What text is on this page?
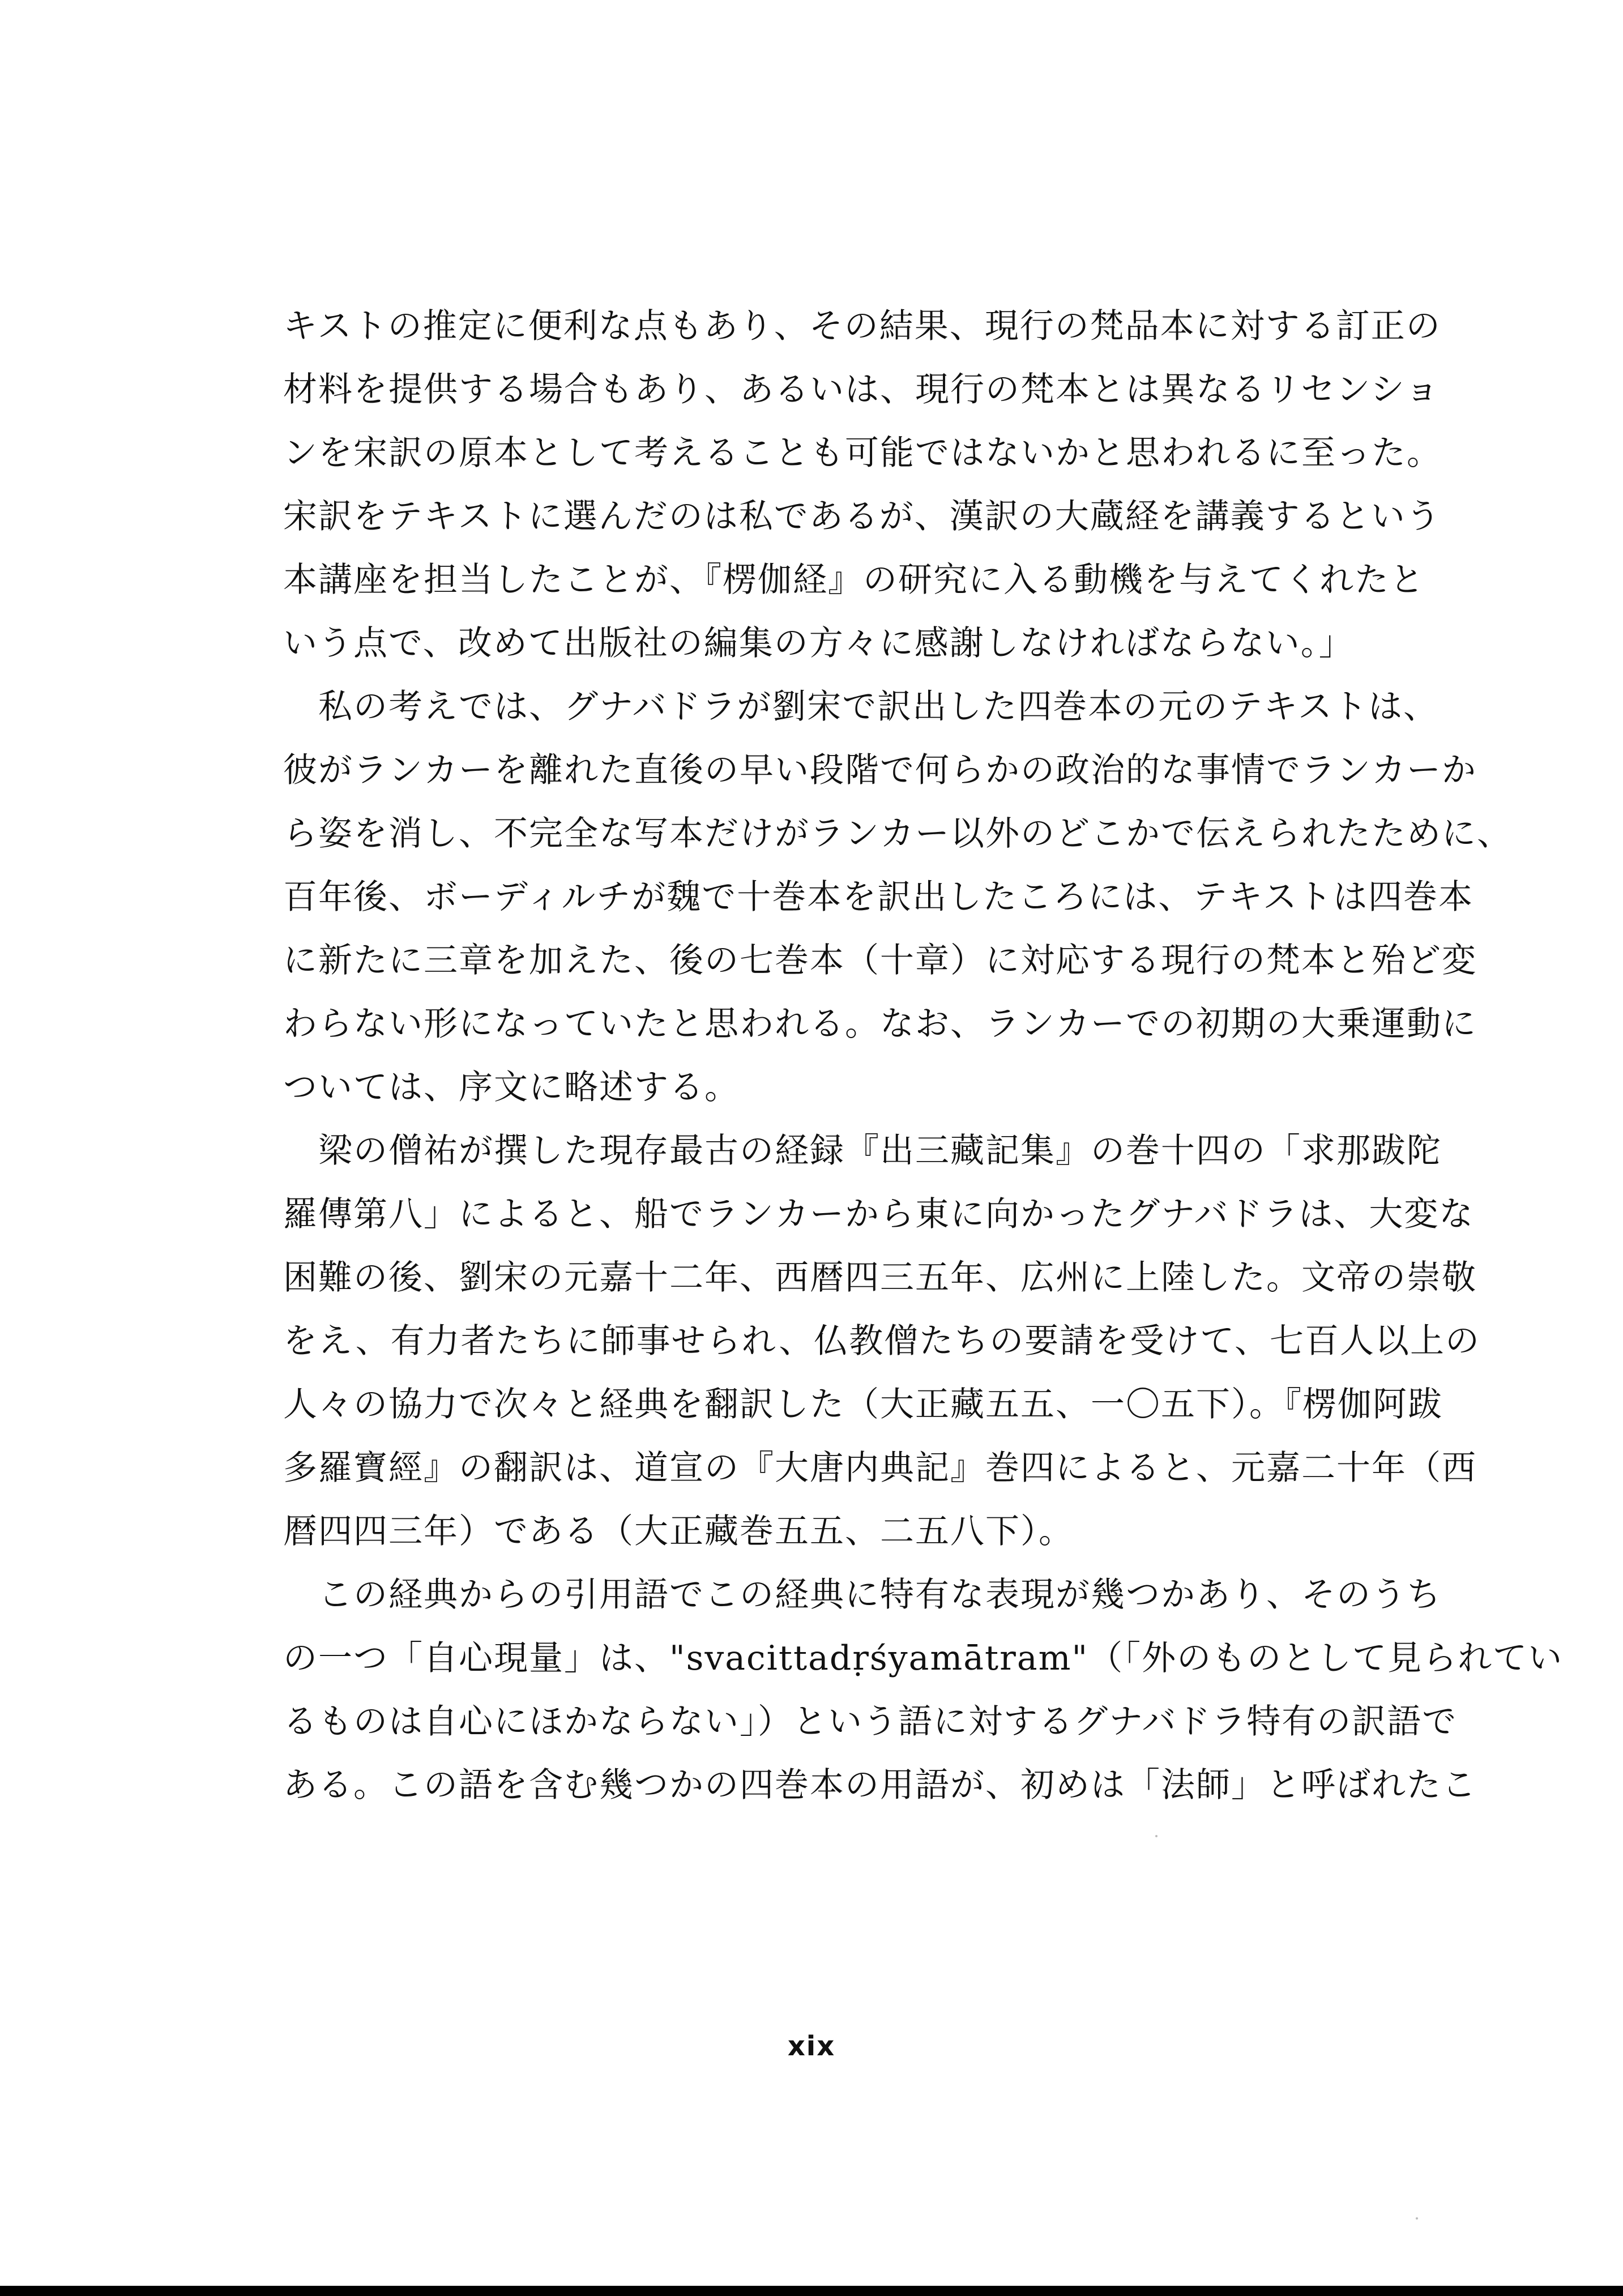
キストの推定に便利な点もあり、その結果、現行の梵品本に対する訂正の
材料を提供する場合もあり、あるいは、現行の梵本とは異なるリセンショ
ンを宋訳の原本として考えることも可能ではないかと思われるに至った。
宋訳をテキストに選んだのは私であるが、漢訳の大蔵経を講義するという
本講座を担当したことが、『楞伽経』の研究に入る動機を与えてくれたと
いう点で、改めて出版社の編集の方々に感謝しなければならない。」
　私の考えでは、グナバドラが劉宋で訳出した四巻本の元のテキストは、
彼がランカーを離れた直後の早い段階で何らかの政治的な事情でランカーか
ら姿を消し、不完全な写本だけがランカー以外のどこかで伝えられたために、
百年後、ボーディルチが魏で十巻本を訳出したころには、テキストは四巻本
に新たに三章を加えた、後の七巻本（十章）に対応する現行の梵本と殆ど変
わらない形になっていたと思われる。なお、ランカーでの初期の大乗運動に
ついては、序文に略述する。
　梁の僧祐が撰した現存最古の経録『出三藏記集』の巻十四の「求那跋陀
羅傳第八」によると、船でランカーから東に向かったグナバドラは、大変な
困難の後、劉宋の元嘉十二年、西暦四三五年、広州に上陸した。文帝の崇敬
をえ、有力者たちに師事せられ、仏教僧たちの要請を受けて、七百人以上の
人々の協力で次々と経典を翻訳した（大正藏五五、一〇五下）。『楞伽阿跋
多羅寶經』の翻訳は、道宣の『大唐内典記』巻四によると、元嘉二十年（西
暦四四三年）である（大正藏巻五五、二五八下）。
　この経典からの引用語でこの経典に特有な表現が幾つかあり、そのうち
の一つ「自心現量」は、"svacittadṛśyamātram"（「外のものとして見られてい
るものは自心にほかならない」）という語に対するグナバドラ特有の訳語で
ある。この語を含む幾つかの四巻本の用語が、初めは「法師」と呼ばれたこ
xix
